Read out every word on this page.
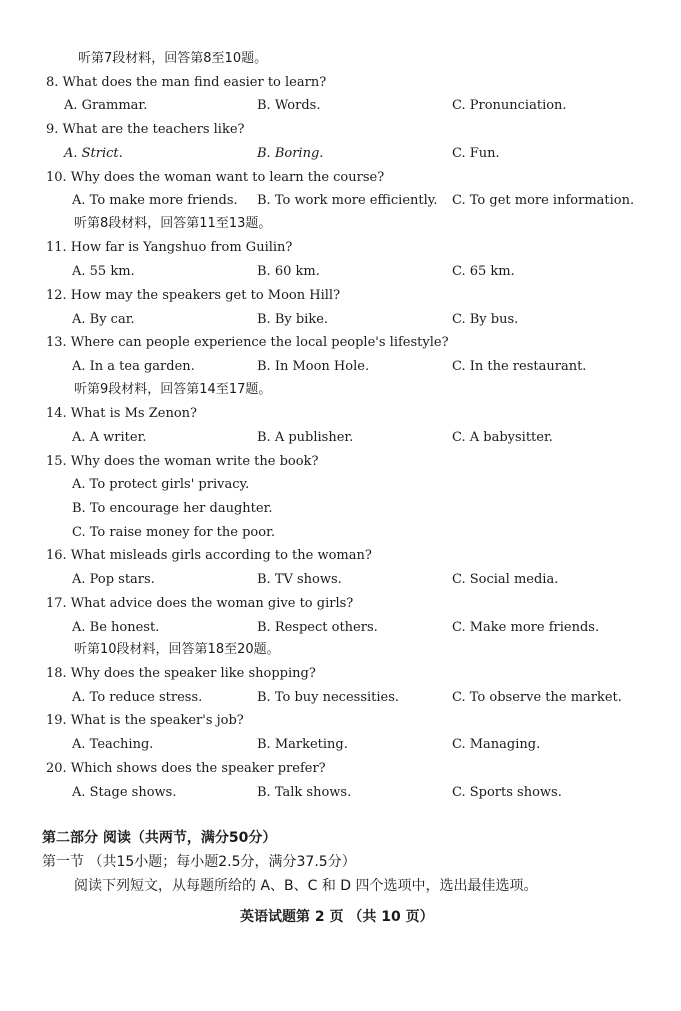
听第7段材料，回答第8至10题。
8. What does the man find easier to learn?
A. Grammar.	B. Words.	C. Pronunciation.
9. What are the teachers like?
A. Strict.	B. Boring.	C. Fun.
10. Why does the woman want to learn the course?
A. To make more friends. B. To work more efficiently. C. To get more information.
听第8段材料，回答第11至13题。
11. How far is Yangshuo from Guilin?
A. 55 km.	B. 60 km.	C. 65 km.
12. How may the speakers get to Moon Hill?
A. By car.	B. By bike.	C. By bus.
13. Where can people experience the local people's lifestyle?
A. In a tea garden.	B. In Moon Hole.	C. In the restaurant.
听第9段材料，回答第14至17题。
14. What is Ms Zenon?
A. A writer.	B. A publisher.	C. A babysitter.
15. Why does the woman write the book?
A. To protect girls' privacy.
B. To encourage her daughter.
C. To raise money for the poor.
16. What misleads girls according to the woman?
A. Pop stars.	B. TV shows.	C. Social media.
17. What advice does the woman give to girls?
A. Be honest.	B. Respect others.	C. Make more friends.
听第10段材料，回答第18至20题。
18. Why does the speaker like shopping?
A. To reduce stress.	B. To buy necessities.	C. To observe the market.
19. What is the speaker's job?
A. Teaching.	B. Marketing.	C. Managing.
20. Which shows does the speaker prefer?
A. Stage shows.	B. Talk shows.	C. Sports shows.
第二部分 阅读（共两节，满分50分）
第一节 （共15小题；每小题2.5分，满分37.5分）
阅读下列短文，从每题所给的 A、B、C 和 D 四个选项中，选出最佳选项。
英语试题第 2 页 （共 10 页）
